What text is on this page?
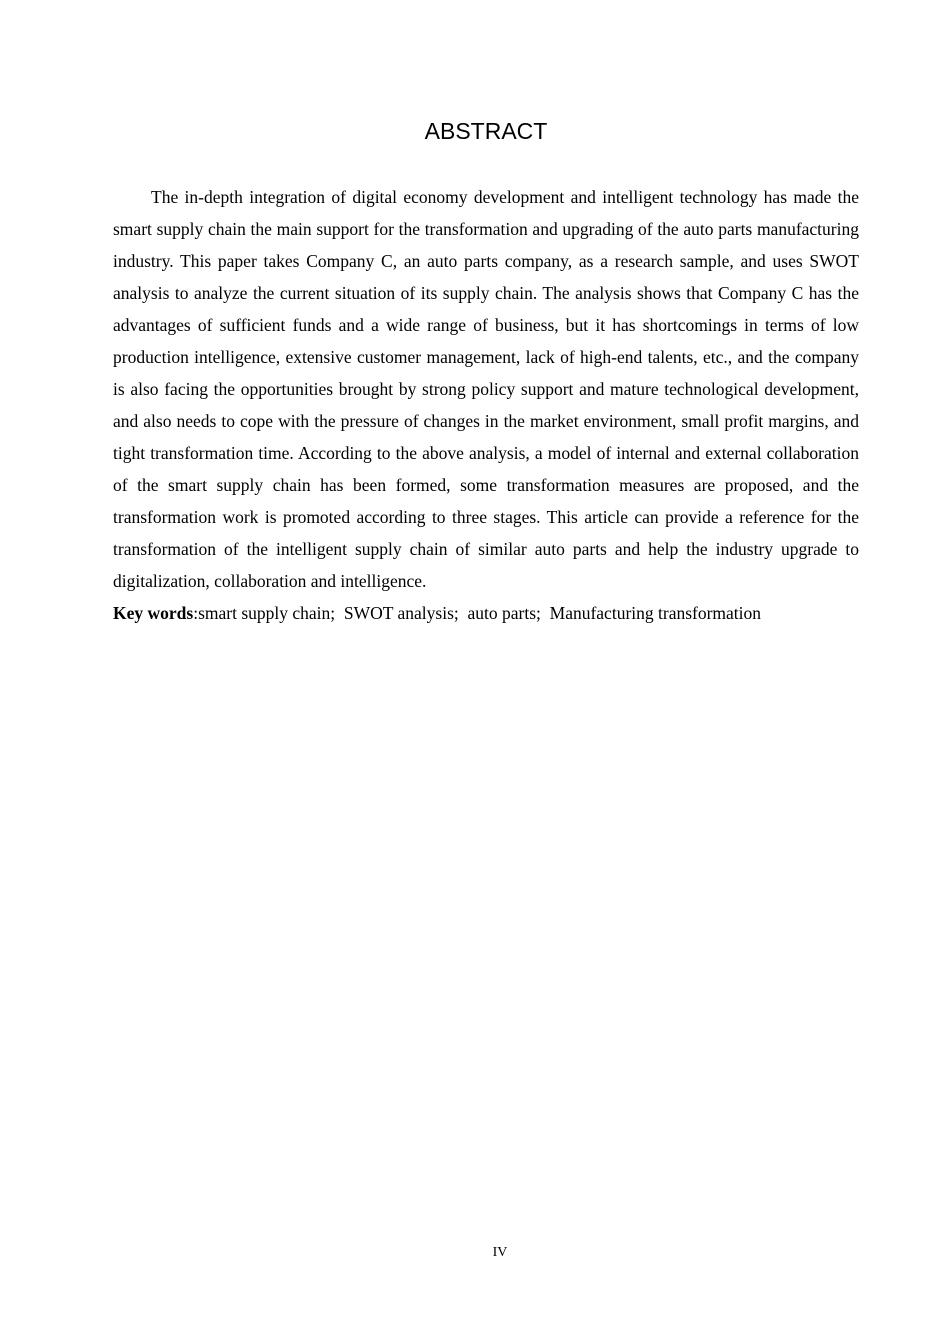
ABSTRACT

The in-depth integration of digital economy development and intelligent technology has made the smart supply chain the main support for the transformation and upgrading of the auto parts manufacturing industry. This paper takes Company C, an auto parts company, as a research sample, and uses SWOT analysis to analyze the current situation of its supply chain. The analysis shows that Company C has the advantages of sufficient funds and a wide range of business, but it has shortcomings in terms of low production intelligence, extensive customer management, lack of high-end talents, etc., and the company is also facing the opportunities brought by strong policy support and mature technological development, and also needs to cope with the pressure of changes in the market environment, small profit margins, and tight transformation time. According to the above analysis, a model of internal and external collaboration of the smart supply chain has been formed, some transformation measures are proposed, and the transformation work is promoted according to three stages. This article can provide a reference for the transformation of the intelligent supply chain of similar auto parts and help the industry upgrade to digitalization, collaboration and intelligence.

Key words:smart supply chain;  SWOT analysis;  auto parts;  Manufacturing transformation

IV
